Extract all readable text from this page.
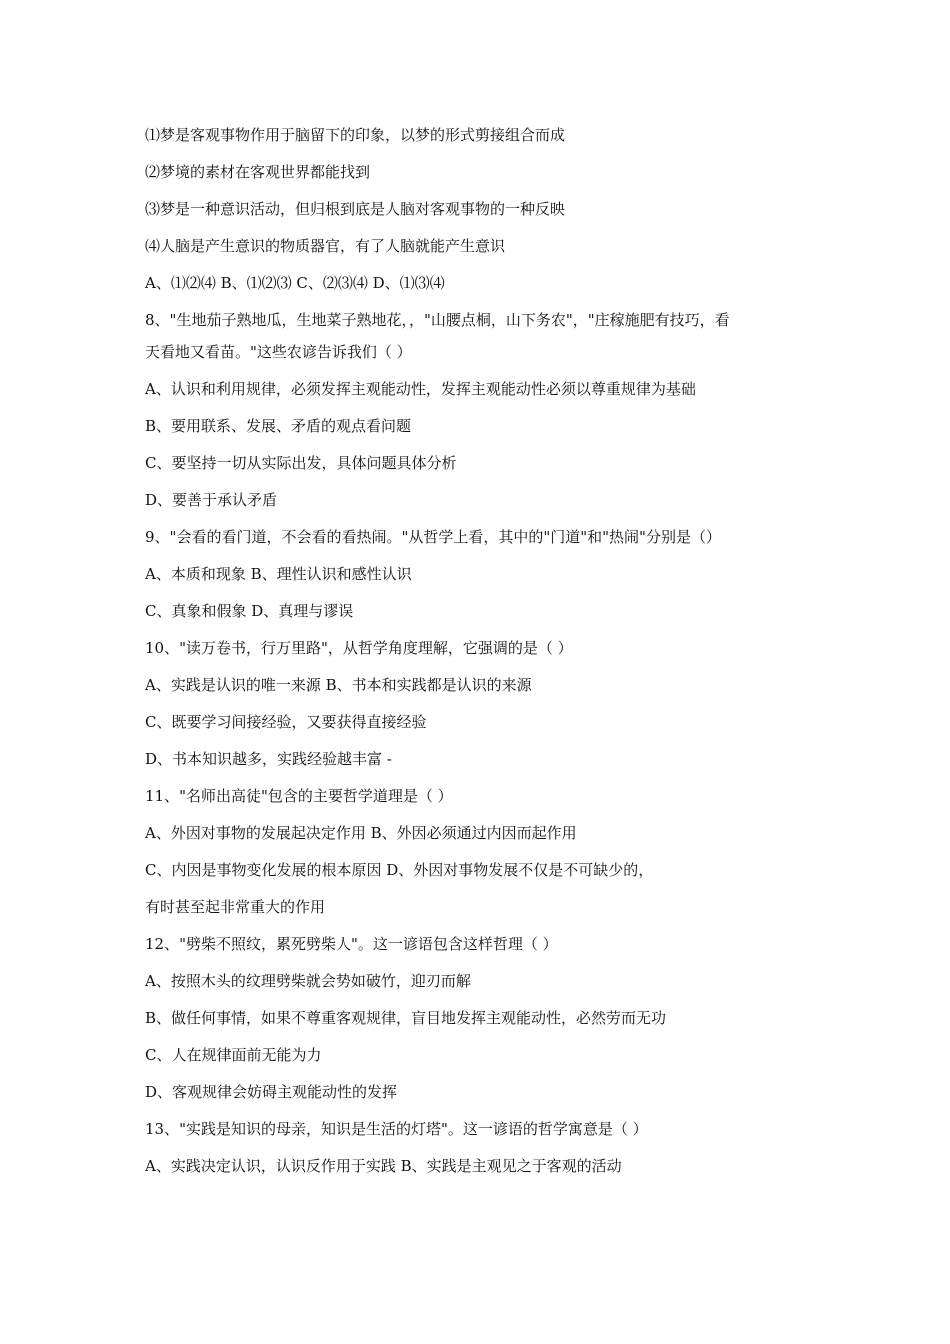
⑴梦是客观事物作用于脑留下的印象，以梦的形式剪接组合而成
⑵梦境的素材在客观世界都能找到
⑶梦是一种意识活动，但归根到底是人脑对客观事物的一种反映
⑷人脑是产生意识的物质器官，有了人脑就能产生意识
A、⑴⑵⑷ B、⑴⑵⑶ C、⑵⑶⑷ D、⑴⑶⑷
8、"生地茄子熟地瓜，生地菜子熟地花，，"山腰点桐，山下务农"，"庄稼施肥有技巧，看
天看地又看苗。"这些农谚告诉我们（ ）
A、认识和利用规律，必须发挥主观能动性，发挥主观能动性必须以尊重规律为基础
B、要用联系、发展、矛盾的观点看问题
C、要坚持一切从实际出发，具体问题具体分析
D、要善于承认矛盾
9、"会看的看门道，不会看的看热闹。"从哲学上看，其中的"门道"和"热闹"分别是（）
A、本质和现象 B、理性认识和感性认识
C、真象和假象 D、真理与谬误
10、"读万卷书，行万里路"，从哲学角度理解，它强调的是（ ）
A、实践是认识的唯一来源 B、书本和实践都是认识的来源
C、既要学习间接经验，又要获得直接经验
D、书本知识越多，实践经验越丰富 -
11、"名师出高徒"包含的主要哲学道理是（ ）
A、外因对事物的发展起决定作用 B、外因必须通过内因而起作用
C、内因是事物变化发展的根本原因 D、外因对事物发展不仅是不可缺少的，
有时甚至起非常重大的作用
12、"劈柴不照纹，累死劈柴人"。这一谚语包含这样哲理（ ）
A、按照木头的纹理劈柴就会势如破竹，迎刃而解
B、做任何事情，如果不尊重客观规律，盲目地发挥主观能动性，必然劳而无功
C、人在规律面前无能为力
D、客观规律会妨碍主观能动性的发挥
13、"实践是知识的母亲，知识是生活的灯塔"。这一谚语的哲学寓意是（ ）
A、实践决定认识，认识反作用于实践 B、实践是主观见之于客观的活动
